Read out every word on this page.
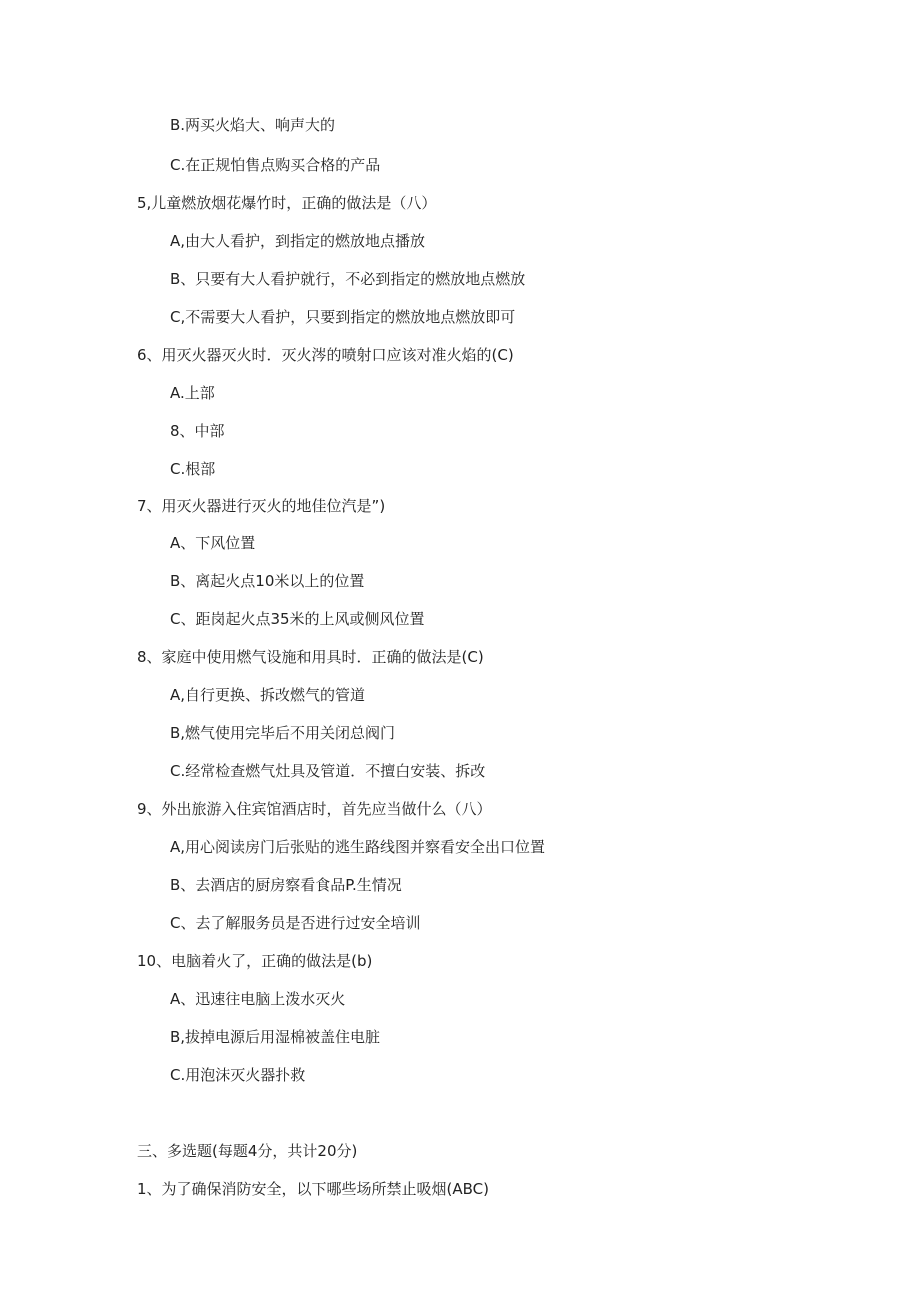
B.两买火焰大、响声大的
C.在正规怕售点购买合格的产品
5,儿童燃放烟花爆竹时，正确的做法是（八）
A,由大人看护，到指定的燃放地点播放
B、只要有大人看护就行，不必到指定的燃放地点燃放
C,不需要大人看护，只要到指定的燃放地点燃放即可
6、用灭火器灭火时．灭火涔的喷射口应该对准火焰的(C)
A.上部
8、中部
C.根部
7、用灭火器进行灭火的地佳位汽是”)
A、下风位置
B、离起火点10米以上的位置
C、距岗起火点35米的上风或侧风位置
8、家庭中使用燃气设施和用具时．正确的做法是(C)
A,自行更换、拆改燃气的管道
B,燃气使用完毕后不用关闭总阀门
C.经常检查燃气灶具及管道．不擅白安装、拆改
9、外出旅游入住宾馆酒店时，首先应当做什么（八）
A,用心阅读房门后张贴的逃生路线图并察看安全出口位置
B、去酒店的厨房察看食品P.生情况
C、去了解服务员是否进行过安全培训
10、电脑着火了，正确的做法是(b)
A、迅速往电脑上泼水灭火
B,拔掉电源后用湿棉被盖住电脏
C.用泡沫灭火器扑救
三、多选题(每题4分，共计20分)
1、为了确保消防安全，以下哪些场所禁止吸烟(ABC)
